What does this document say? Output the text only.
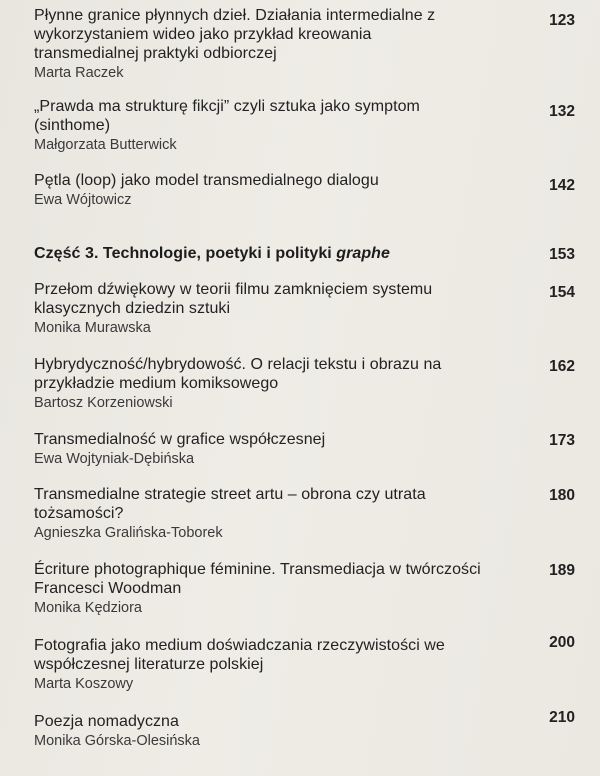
Płynne granice płynnych dzieł. Działania intermedialne z wykorzystaniem wideo jako przykład kreowania transmedialnej praktyki odbiorczej
Marta Raczek
123
„Prawda ma strukturę fikcji” czyli sztuka jako symptom (sinthome)
Małgorzata Butterwick
132
Pętla (loop) jako model transmedialnego dialogu
Ewa Wójtowicz
142
Część 3. Technologie, poetyki i polityki graphe	153
Przełom dźwiękowy w teorii filmu zamknięciem systemu klasycznych dziedzin sztuki
Monika Murawska
154
Hybrydyczność/hybrydowość. O relacji tekstu i obrazu na przykładzie medium komiksowego
Bartosz Korzeniowski
162
Transmedialność w grafice współczesnej
Ewa Wojtyniak-Dębińska
173
Transmedialne strategie street artu – obrona czy utrata tożsamości?
Agnieszka Gralińska-Toborek
180
Écriture photographique féminine. Transmediacja w twórczości Francesci Woodman
Monika Kędziora
189
Fotografia jako medium doświadczania rzeczywistości we współczesnej literaturze polskiej
Marta Koszowy
200
Poezja nomadyczna
Monika Górska-Olesińska
210
